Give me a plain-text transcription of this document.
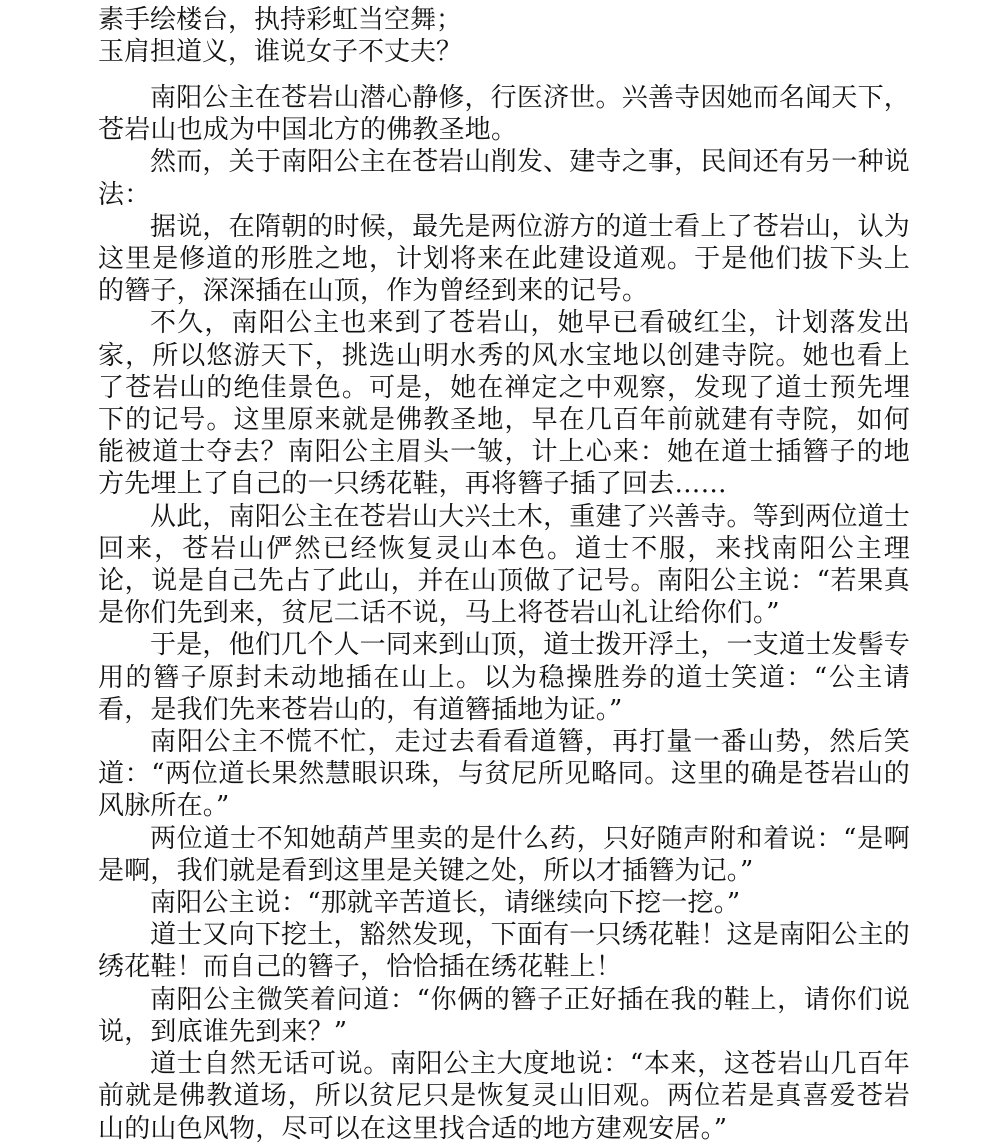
素手绘楼台，执持彩虹当空舞；

玉肩担道义，谁说女子不丈夫？

南阳公主在苍岩山潜心静修，行医济世。兴善寺因她而名闻天下，苍岩山也成为中国北方的佛教圣地。

然而，关于南阳公主在苍岩山削发、建寺之事，民间还有另一种说法：

据说，在隋朝的时候，最先是两位游方的道士看上了苍岩山，认为这里是修道的形胜之地，计划将来在此建设道观。于是他们拔下头上的簪子，深深插在山顶，作为曾经到来的记号。

不久，南阳公主也来到了苍岩山，她早已看破红尘，计划落发出家，所以悠游天下，挑选山明水秀的风水宝地以创建寺院。她也看上了苍岩山的绝佳景色。可是，她在禅定之中观察，发现了道士预先埋下的记号。这里原来就是佛教圣地，早在几百年前就建有寺院，如何能被道士夺去？南阳公主眉头一皱，计上心来：她在道士插簪子的地方先埋上了自己的一只绣花鞋，再将簪子插了回去……

从此，南阳公主在苍岩山大兴土木，重建了兴善寺。等到两位道士回来，苍岩山俨然已经恢复灵山本色。道士不服，来找南阳公主理论，说是自己先占了此山，并在山顶做了记号。南阳公主说：“若果真是你们先到来，贫尼二话不说，马上将苍岩山礼让给你们。”

于是，他们几个人一同来到山顶，道士拨开浮土，一支道士发髻专用的簪子原封未动地插在山上。以为稳操胜券的道士笑道：“公主请看，是我们先来苍岩山的，有道簪插地为证。”

南阳公主不慌不忙，走过去看看道簪，再打量一番山势，然后笑道：“两位道长果然慧眼识珠，与贫尼所见略同。这里的确是苍岩山的风脉所在。”

两位道士不知她葫芦里卖的是什么药，只好随声附和着说：“是啊是啊，我们就是看到这里是关键之处，所以才插簪为记。”

南阳公主说：“那就辛苦道长，请继续向下挖一挖。”

道士又向下挖土，豁然发现，下面有一只绣花鞋！这是南阳公主的绣花鞋！而自己的簪子，恰恰插在绣花鞋上！

南阳公主微笑着问道：“你俩的簪子正好插在我的鞋上，请你们说说，到底谁先到来？”

道士自然无话可说。南阳公主大度地说：“本来，这苍岩山几百年前就是佛教道场，所以贫尼只是恢复灵山旧观。两位若是真喜爱苍岩山的山色风物，尽可以在这里找合适的地方建观安居。”
